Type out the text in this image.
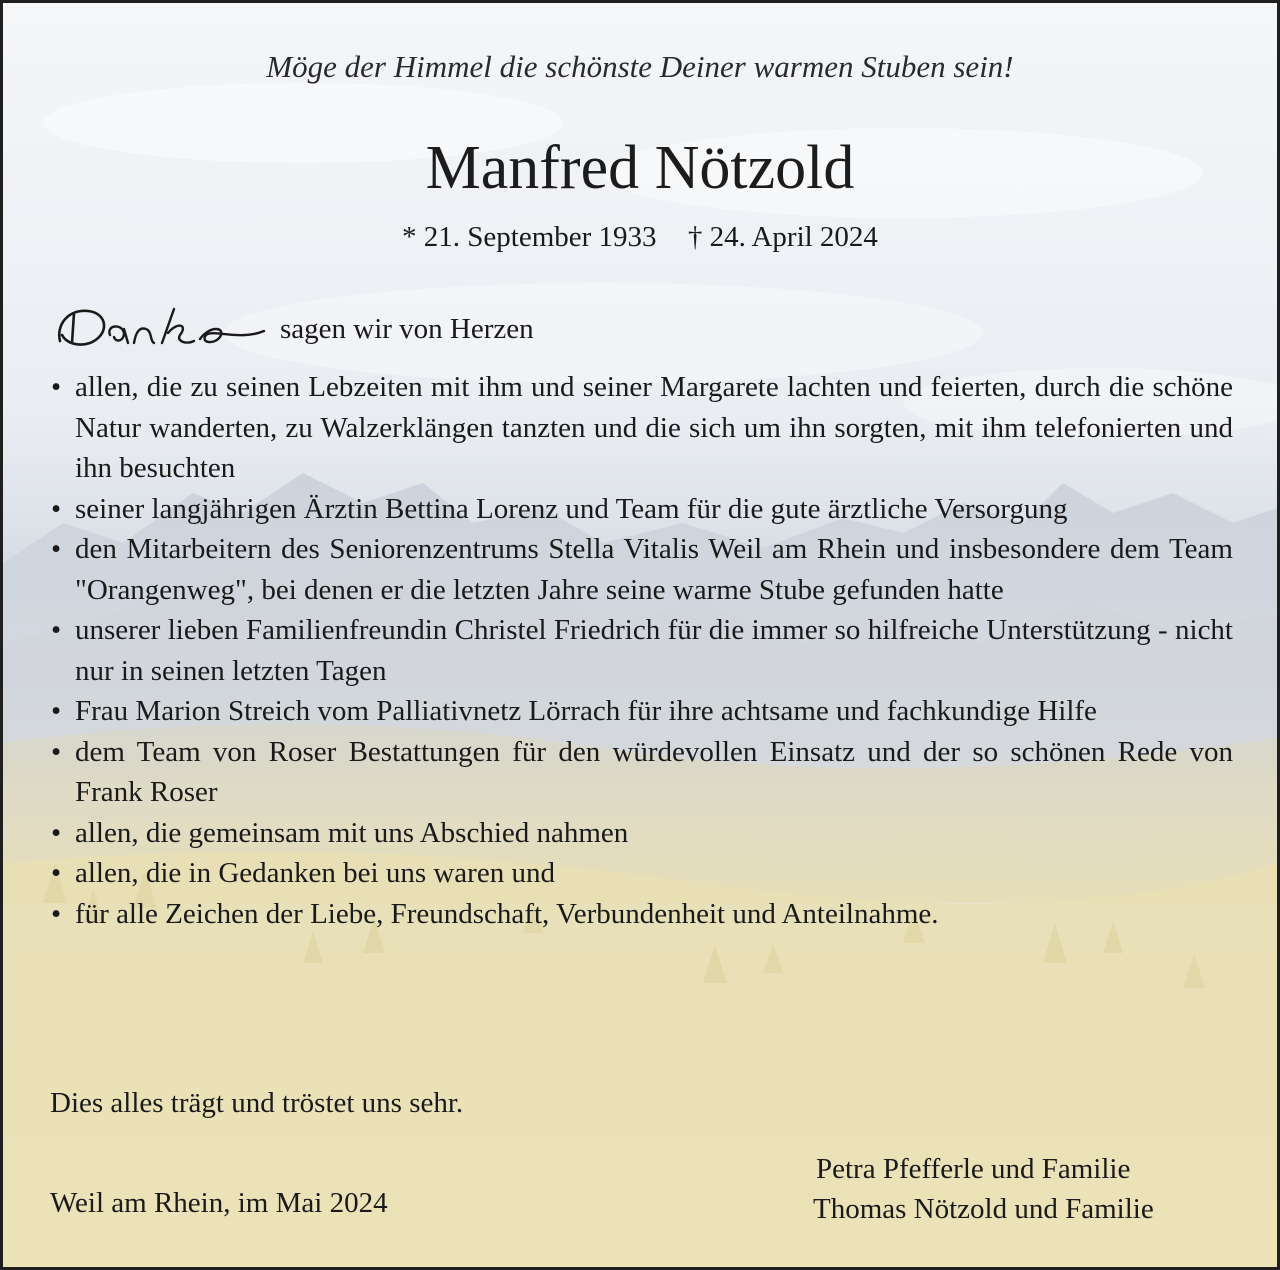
Möge der Himmel die schönste Deiner warmen Stuben sein!
Manfred Nötzold
* 21. September 1933 † 24. April 2024
sagen wir von Herzen
• allen, die zu seinen Lebzeiten mit ihm und seiner Margarete lachten und feierten, durch die schöne Natur wanderten, zu Walzerklängen tanzten und die sich um ihn sorgten, mit ihm telefonierten und ihn besuchten
• seiner langjährigen Ärztin Bettina Lorenz und Team für die gute ärztliche Versorgung
• den Mitarbeitern des Seniorenzentrums Stella Vitalis Weil am Rhein und insbesondere dem Team "Orangenweg", bei denen er die letzten Jahre seine warme Stube gefunden hatte
• unserer lieben Familienfreundin Christel Friedrich für die immer so hilfreiche Unterstützung - nicht nur in seinen letzten Tagen
• Frau Marion Streich vom Palliativnetz Lörrach für ihre achtsame und fachkundige Hilfe
• dem Team von Roser Bestattungen für den würdevollen Einsatz und der so schönen Rede von Frank Roser
• allen, die gemeinsam mit uns Abschied nahmen
• allen, die in Gedanken bei uns waren und
• für alle Zeichen der Liebe, Freundschaft, Verbundenheit und Anteilnahme.
Dies alles trägt und tröstet uns sehr.
Weil am Rhein, im Mai 2024
Petra Pfefferle und Familie
Thomas Nötzold und Familie
